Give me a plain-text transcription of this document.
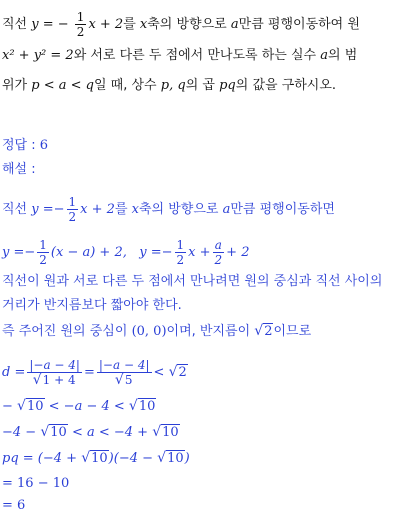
직선 y = − $\frac{1}{2}$ x + 2를 x축의 방향으로 a만큼 평행이동하여 원
x² + y² = 2와 서로 다른 두 점에서 만나도록 하는 실수 a의 범
위가 p < a < q일 때, 상수 p, q의 곱 pq의 값을 구하시오.
정답 : 6
해설 :
직선 $y =- \frac{1}{2}$ x + 2를 x축의 방향으로 a만큼 평행이동하면
$y =- \frac{1}{2} (x - a) + 2$, $y =- \frac{1}{2}$ $x + \frac{a}{2} + 2$
직선이 원과 서로 다른 두 점에서 만나려면 원의 중심과 직선 사이의
거리가 반지름보다 짧아야 한다.
즉 주어진 원의 중심이 (0, 0)이며, 반지름이 √2이므로
$d = \frac{|-a - 4|}{√1 + 4} = \frac{|-a - 4|}{√5} < √2$
− √10 < −a − 4 < √10
−4 − √10 < a < −4 + √10
pq = (−4 + √10)(−4 − √10)
= 16 − 10
= 6
